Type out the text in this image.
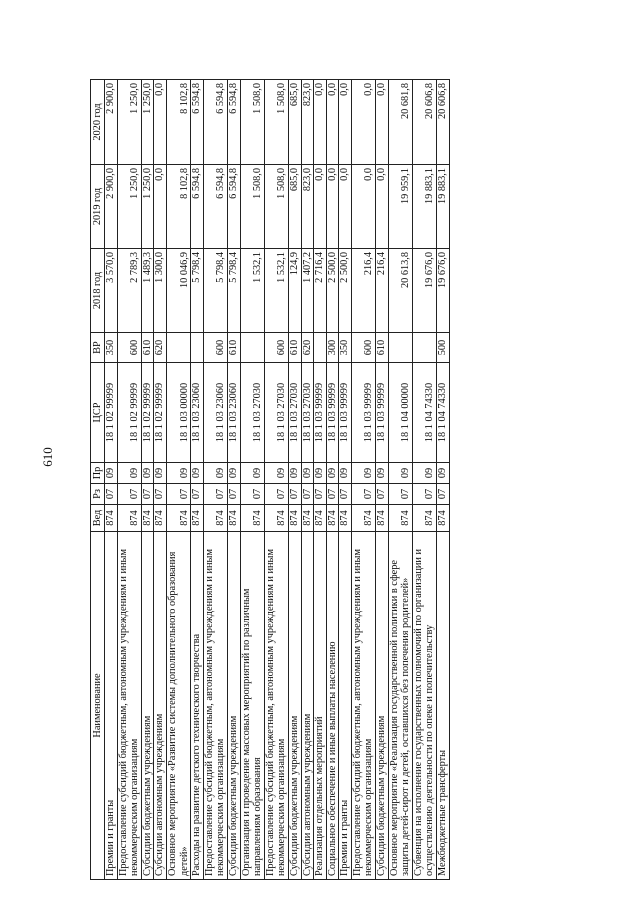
610
Наименование	Вед	Рз	Пр	ЦСР	ВР	2018 год	2019 год	2020 год
Премии и гранты	874	07	09	18 1 02 99999	350	3 570,0	2 900,0	2 900,0
Предоставление субсидий бюджетным, автономным учреждениям и иным некоммерческим организациям	874	07	09	18 1 02 99999	600	2 789,3	1 250,0	1 250,0
Субсидии бюджетным учреждениям	874	07	09	18 1 02 99999	610	1 489,3	1 250,0	1 250,0
Субсидии автономным учреждениям	874	07	09	18 1 02 99999	620	1 300,0	0,0	0,0
Основное мероприятие «Развитие системы дополнительного образования детей»	874	07	09	18 1 03 00000		10 046,9	8 102,8	8 102,8
Расходы на развитие детского технического творчества	874	07	09	18 1 03 23060		5 798,4	6 594,8	6 594,8
Предоставление субсидий бюджетным, автономным учреждениям и иным некоммерческим организациям	874	07	09	18 1 03 23060	600	5 798,4	6 594,8	6 594,8
Субсидии бюджетным учреждениям	874	07	09	18 1 03 23060	610	5 798,4	6 594,8	6 594,8
Организация и проведение массовых мероприятий по различным направлениям образования	874	07	09	18 1 03 27030		1 532,1	1 508,0	1 508,0
Предоставление субсидий бюджетным, автономным учреждениям и иным некоммерческим организациям	874	07	09	18 1 03 27030	600	1 532,1	1 508,0	1 508,0
Субсидии бюджетным учреждениям	874	07	09	18 1 03 27030	610	124,9	685,0	685,0
Субсидии автономным учреждениям	874	07	09	18 1 03 27030	620	1 407,2	823,0	823,0
Реализация отдельных мероприятий	874	07	09	18 1 03 99999		2 716,4	0,0	0,0
Социальное обеспечение и иные выплаты населению	874	07	09	18 1 03 99999	300	2 500,0	0,0	0,0
Премии и гранты	874	07	09	18 1 03 99999	350	2 500,0	0,0	0,0
Предоставление субсидий бюджетным, автономным учреждениям и иным некоммерческим организациям	874	07	09	18 1 03 99999	600	216,4	0,0	0,0
Субсидии бюджетным учреждениям	874	07	09	18 1 03 99999	610	216,4	0,0	0,0
Основное мероприятие «Реализация государственной политики в сфере защиты детей-сирот и детей, оставшихся без попечения родителей»	874	07	09	18 1 04 00000		20 613,8	19 959,1	20 681,8
Субвенция на исполнение государственных полномочий по организации и осуществлению деятельности по опеке и попечительству	874	07	09	18 1 04 74330		19 676,0	19 883,1	20 606,8
Межбюджетные трансферты	874	07	09	18 1 04 74330	500	19 676,0	19 883,1	20 606,8
